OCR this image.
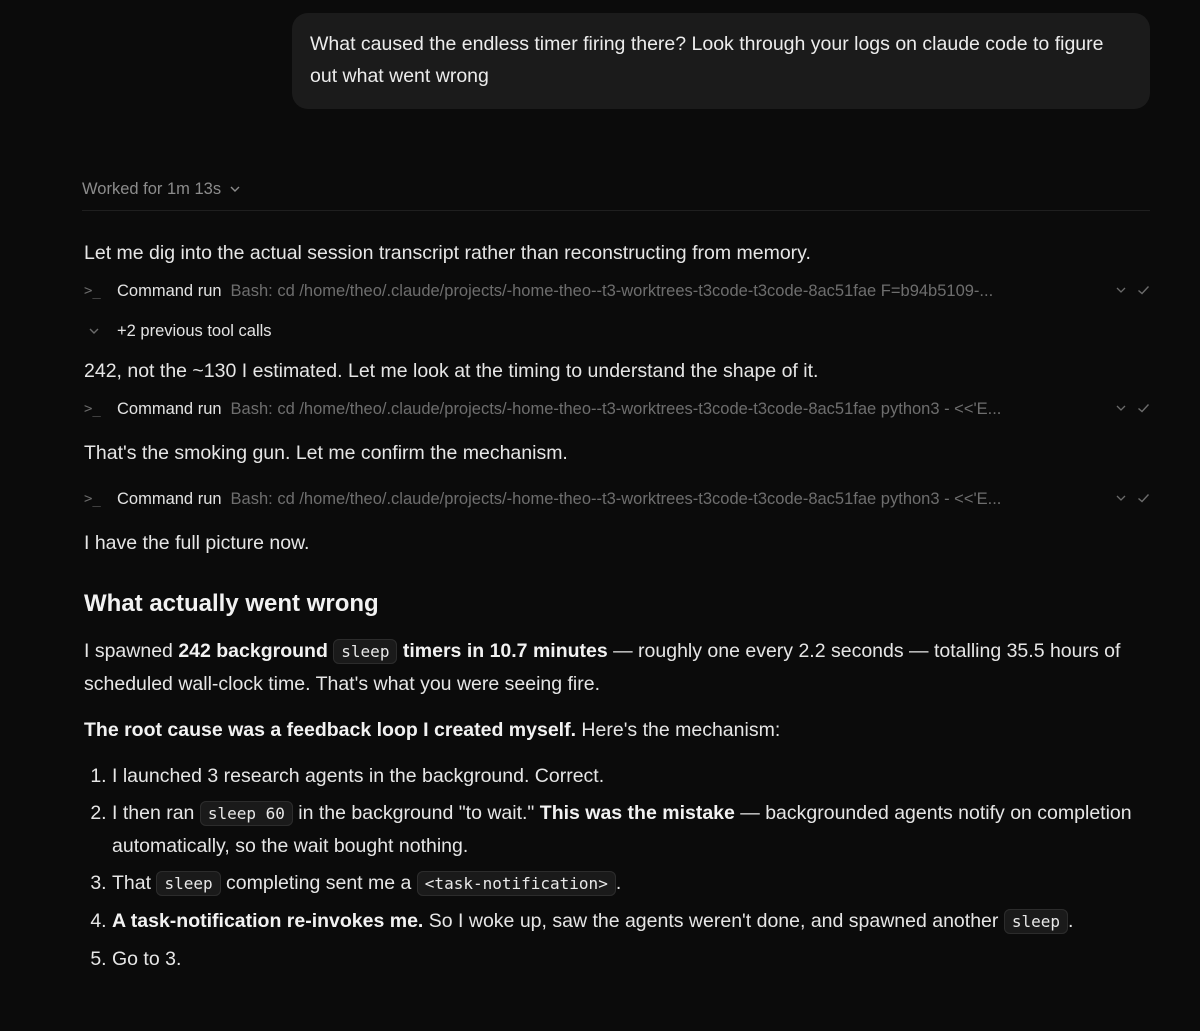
What caused the endless timer firing there? Look through your logs on claude code to figure out what went wrong
Worked for 1m 13s

Let me dig into the actual session transcript rather than reconstructing from memory.

>_ Command run Bash: cd /home/theo/.claude/projects/-home-theo--t3-worktrees-t3code-t3code-8ac51fae F=b94b5109-...
+2 previous tool calls

242, not the ~130 I estimated. Let me look at the timing to understand the shape of it.

>_ Command run Bash: cd /home/theo/.claude/projects/-home-theo--t3-worktrees-t3code-t3code-8ac51fae python3 - <<'E...

That's the smoking gun. Let me confirm the mechanism.

>_ Command run Bash: cd /home/theo/.claude/projects/-home-theo--t3-worktrees-t3code-t3code-8ac51fae python3 - <<'E...

I have the full picture now.

What actually went wrong

I spawned 242 background sleep timers in 10.7 minutes — roughly one every 2.2 seconds — totalling 35.5 hours of scheduled wall-clock time. That's what you were seeing fire.

The root cause was a feedback loop I created myself. Here's the mechanism:

1. I launched 3 research agents in the background. Correct.
2. I then ran sleep 60 in the background "to wait." This was the mistake — backgrounded agents notify on completion automatically, so the wait bought nothing.
3. That sleep completing sent me a <task-notification> .
4. A task-notification re-invokes me. So I woke up, saw the agents weren't done, and spawned another sleep .
5. Go to 3.
